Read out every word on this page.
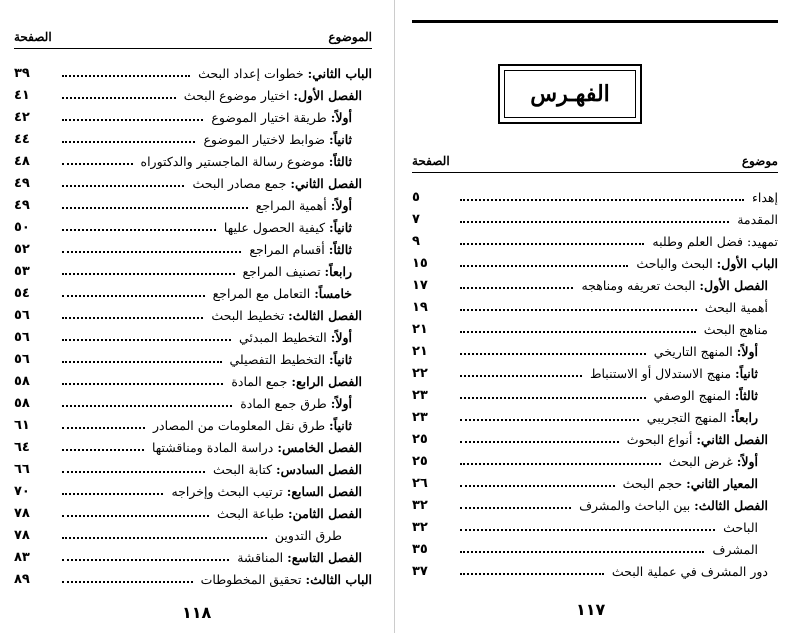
الصفحة	الموضوع
٣٩	الباب الثاني: خطوات إعداد البحث
٤١	الفصل الأول: اختيار موضوع البحث
٤٢	أولاً: طريقة اختيار الموضوع
٤٤	ثانياً: ضوابط لاختيار الموضوع
٤٨	ثالثاً: موضوع رسالة الماجستير والدكتوراه
٤٩	الفصل الثاني: جمع مصادر البحث
٤٩	أولاً: أهمية المراجع
٥٠	ثانياً: كيفية الحصول عليها
٥٢	ثالثاً: أقسام المراجع
٥٣	رابعاً: تصنيف المراجع
٥٤	خامساً: التعامل مع المراجع
٥٦	الفصل الثالث: تخطيط البحث
٥٦	أولاً: التخطيط المبدئي
٥٦	ثانياً: التخطيط التفصيلي
٥٨	الفصل الرابع: جمع المادة
٥٨	أولاً: طرق جمع المادة
٦١	ثانياً: طرق نقل المعلومات من المصادر
٦٤	الفصل الخامس: دراسة المادة ومناقشتها
٦٦	الفصل السادس: كتابة البحث
٧٠	الفصل السابع: ترتيب البحث وإخراجه
٧٨	الفصل الثامن: طباعة البحث
٧٨	طرق التدوين
٨٣	الفصل التاسع: المناقشة
٨٩	الباب الثالث: تحقيق المخطوطات
١١٨
الفهـرس
الصفحة	موضوع
٥	إهداء
٧	المقدمة
٩	تمهيد: فضل العلم وطلبه
١٥	الباب الأول: البحث والباحث
١٧	الفصل الأول: البحث تعريفه ومناهجه
١٩	أهمية البحث
٢١	مناهج البحث
٢١	أولاً: المنهج التاريخي
٢٢	ثانياً: منهج الاستدلال أو الاستنباط
٢٣	ثالثاً: المنهج الوصفي
٢٣	رابعاً: المنهج التجريبي
٢٥	الفصل الثاني: أنواع البحوث
٢٥	أولاً: غرض البحث
٢٦	المعيار الثاني: حجم البحث
٣٢	الفصل الثالث: بين الباحث والمشرف
٣٢	الباحث
٣٥	المشرف
٣٧	دور المشرف في عملية البحث
١١٧
